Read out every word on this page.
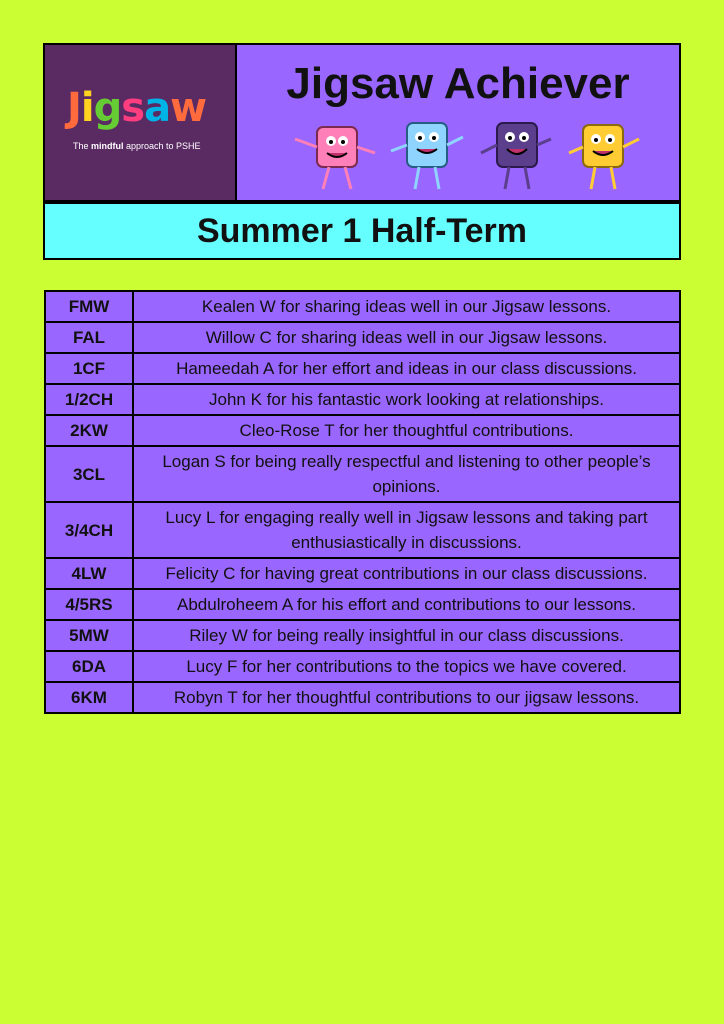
Jigsaw
The mindful approach to PSHE
Jigsaw Achiever
Summer 1 Half-Term
FMW	Kealen W for sharing ideas well in our Jigsaw lessons.
FAL	Willow C for sharing ideas well in our Jigsaw lessons.
1CF	Hameedah A for her effort and ideas in our class discussions.
1/2CH	John K for his fantastic work looking at relationships.
2KW	Cleo-Rose T for her thoughtful contributions.
3CL	Logan S for being really respectful and listening to other people’s opinions.
3/4CH	Lucy L for engaging really well in Jigsaw lessons and taking part enthusiastically in discussions.
4LW	Felicity C for having great contributions in our class discussions.
4/5RS	Abdulroheem A for his effort and contributions to our lessons.
5MW	Riley W for being really insightful in our class discussions.
6DA	Lucy F for her contributions to the topics we have covered.
6KM	Robyn T for her thoughtful contributions to our jigsaw lessons.
